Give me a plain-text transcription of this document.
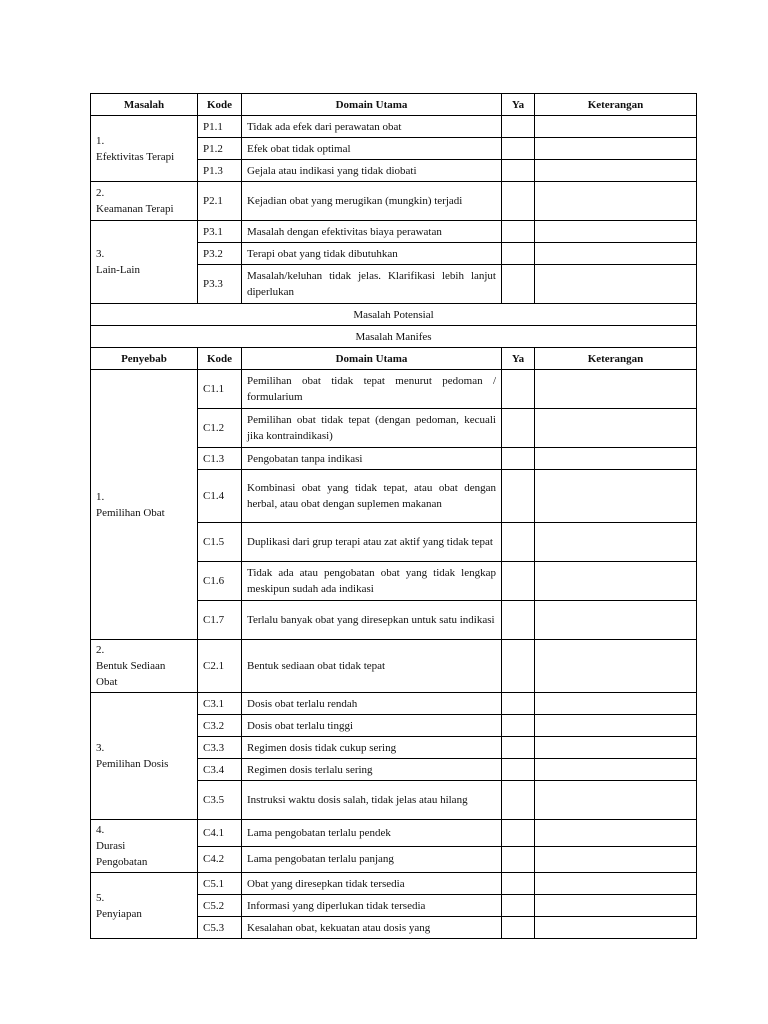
Masalah	Kode	Domain Utama	Ya	Keterangan
1.Efektivitas Terapi	P1.1	Tidak ada efek dari perawatan obat		
	P1.2	Efek obat tidak optimal		
	P1.3	Gejala atau indikasi yang tidak diobati		
2.Keamanan Terapi	P2.1	Kejadian obat yang merugikan (mungkin) terjadi		
3.Lain-Lain	P3.1	Masalah dengan efektivitas biaya perawatan		
	P3.2	Terapi obat yang tidak dibutuhkan		
	P3.3	Masalah/keluhan tidak jelas. Klarifikasi lebih lanjut diperlukan		
Masalah Potensial				
Masalah Manifes				
Penyebab	Kode	Domain Utama	Ya	Keterangan
1.Pemilihan Obat	C1.1	Pemilihan obat tidak tepat menurut pedoman / formularium		
	C1.2	Pemilihan obat tidak tepat (dengan pedoman, kecuali jika kontraindikasi)		
	C1.3	Pengobatan tanpa indikasi		
	C1.4	Kombinasi obat yang tidak tepat, atau obat dengan herbal, atau obat dengan suplemen makanan		
	C1.5	Duplikasi dari grup terapi atau zat aktif yang tidak tepat		
	C1.6	Tidak ada atau pengobatan obat yang tidak lengkap meskipun sudah ada indikasi		
	C1.7	Terlalu banyak obat yang diresepkan untuk satu indikasi		
2.Bentuk Sediaan Obat	C2.1	Bentuk sediaan obat tidak tepat		
3.Pemilihan Dosis	C3.1	Dosis obat terlalu rendah		
	C3.2	Dosis obat terlalu tinggi		
	C3.3	Regimen dosis tidak cukup sering		
	C3.4	Regimen dosis terlalu sering		
	C3.5	Instruksi waktu dosis salah, tidak jelas atau hilang		
4.Durasi Pengobatan	C4.1	Lama pengobatan terlalu pendek		
	C4.2	Lama pengobatan terlalu panjang		
5.Penyiapan	C5.1	Obat yang diresepkan tidak tersedia		
	C5.2	Informasi yang diperlukan tidak tersedia		
	C5.3	Kesalahan obat, kekuatan atau dosis yang		
